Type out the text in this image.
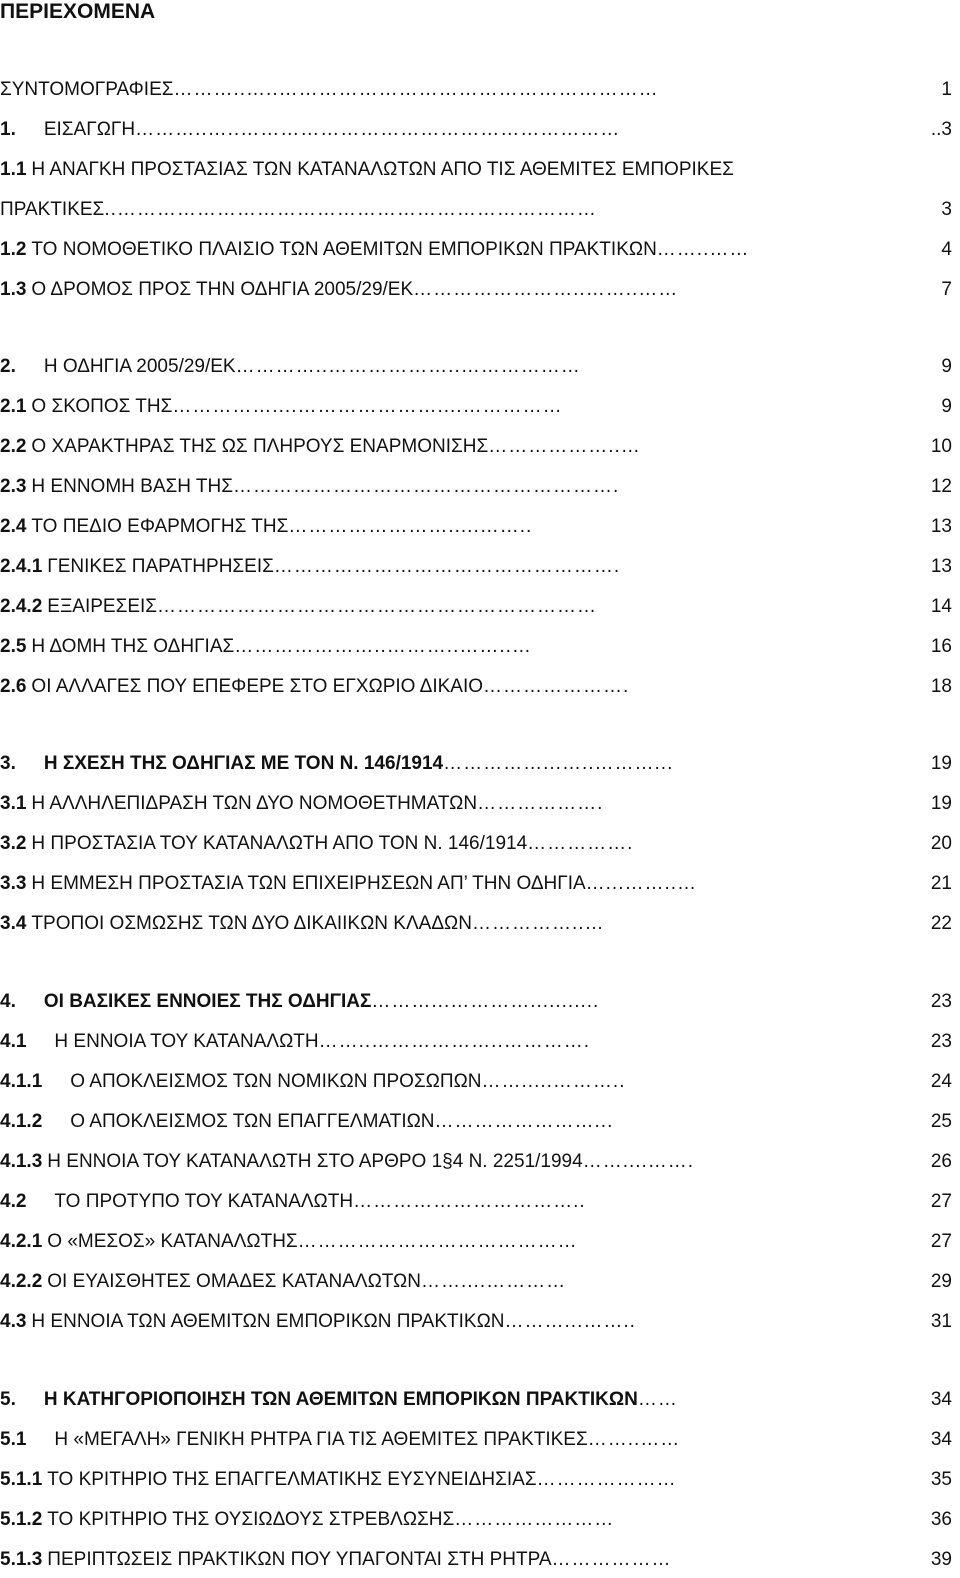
ΠΕΡΙΕΧΟΜΕΝΑ
ΣΥΝΤΟΜΟΓΡΑΦΙΕΣ ………..…..…………………………………………………	1
1. ΕΙΣΑΓΩΓΗ ………..…..…………………………………………………	..3
1.1 Η ΑΝΑΓΚΗ ΠΡΟΣΤΑΣΙΑΣ ΤΩΝ ΚΑΤΑΝΑΛΩΤΩΝ ΑΠΟ ΤΙΣ ΑΘΕΜΙΤΕΣ ΕΜΠΟΡΙΚΕΣ
ΠΡΑΚΤΙΚΕΣ ..………………………………………………………………	3
1.2 ΤΟ ΝΟΜΟΘΕΤΙΚΟ ΠΛΑΙΣΙΟ ΤΩΝ ΑΘΕΜΙΤΩΝ ΕΜΠΟΡΙΚΩΝ ΠΡΑΚΤΙΚΩΝ ……..……	4
1.3 Ο ΔΡΟΜΟΣ ΠΡΟΣ ΤΗΝ ΟΔΗΓΙΑ 2005/29/ΕΚ ……………………..……..……	7
2. Η ΟΔΗΓΙΑ 2005/29/ΕΚ …………..………………..………………	9
2.1 Ο ΣΚΟΠΟΣ ΤΗΣ ……………....…………………....……………	9
2.2 Ο ΧΑΡΑΚΤΗΡΑΣ ΤΗΣ ΩΣ ΠΛΗΡΟΥΣ ΕΝΑΡΜΟΝΙΣΗΣ ………………..…	10
2.3 Η ΕΝΝΟΜΗ ΒΑΣΗ ΤΗΣ ………………………………………………….	12
2.4 ΤΟ ΠΕΔΙΟ ΕΦΑΡΜΟΓΗΣ ΤΗΣ …………………….....……..	13
2.4.1 ΓΕΝΙΚΕΣ ΠΑΡΑΤΗΡΗΣΕΙΣ …………………………………………….	13
2.4.2 ΕΞΑΙΡΕΣΕΙΣ …………………………………………………………	14
2.5 Η ΔΟΜΗ ΤΗΣ ΟΔΗΓΙΑΣ …………………..………..……..…	16
2.6 ΟΙ ΑΛΛΑΓΕΣ ΠΟΥ ΕΠΕΦΕΡΕ ΣΤΟ ΕΓΧΩΡΙΟ ΔΙΚΑΙΟ ………………….	18
3. Η ΣΧΕΣΗ ΤΗΣ ΟΔΗΓΙΑΣ ΜΕ ΤΟΝ Ν. 146/1914 ……………...…..………...	19
3.1 Η ΑΛΛΗΛΕΠΙΔΡΑΣΗ ΤΩΝ ΔΥΟ ΝΟΜΟΘΕΤΗΜΑΤΩΝ ……………….	19
3.2 Η ΠΡΟΣΤΑΣΙΑ ΤΟΥ ΚΑΤΑΝΑΛΩΤΗ ΑΠΟ ΤΟΝ Ν. 146/1914 …………….	20
3.3 Η ΕΜΜΕΣΗ ΠΡΟΣΤΑΣΙΑ ΤΩΝ ΕΠΙΧΕΙΡΗΣΕΩΝ ΑΠ’ ΤΗΝ ΟΔΗΓΙΑ …...……..…	21
3.4 ΤΡΟΠΟΙ ΟΣΜΩΣΗΣ ΤΩΝ ΔΥΟ ΔΙΚΑΙΙΚΩΝ ΚΛΑΔΩΝ ……………..…	22
4. ΟΙ ΒΑΣΙΚΕΣ ΕΝΝΟΙΕΣ ΤΗΣ ΟΔΗΓΙΑΣ ………...…………...........	23
4.1 Η ΕΝΝΟΙΑ ΤΟΥ ΚΑΤΑΝΑΛΩΤΗ ……..………………..………….	23
4.1.1 Ο ΑΠΟΚΛΕΙΣΜΟΣ ΤΩΝ ΝΟΜΙΚΩΝ ΠΡΟΣΩΠΩΝ …….....………..	24
4.1.2 Ο ΑΠΟΚΛΕΙΣΜΟΣ ΤΩΝ ΕΠΑΓΓΕΛΜΑΤΙΩΝ ……………………...	25
4.1.3 Η ΕΝΝΟΙΑ ΤΟΥ ΚΑΤΑΝΑΛΩΤΗ ΣΤΟ ΑΡΘΡΟ 1§4 Ν. 2251/1994 ……....…….	26
4.2 ΤΟ ΠΡΟΤΥΠΟ ΤΟΥ ΚΑΤΑΝΑΛΩΤΗ ……………………………..	27
4.2.1 Ο «ΜΕΣΟΣ» ΚΑΤΑΝΑΛΩΤΗΣ ……………………………………	27
4.2.2 ΟΙ ΕΥΑΙΣΘΗΤΕΣ ΟΜΑΔΕΣ ΚΑΤΑΝΑΛΩΤΩΝ ……....…………	29
4.3 Η ΕΝΝΟΙΑ ΤΩΝ ΑΘΕΜΙΤΩΝ ΕΜΠΟΡΙΚΩΝ ΠΡΑΚΤΙΚΩΝ ………...……..	31
5. Η ΚΑΤΗΓΟΡΙΟΠΟΙΗΣΗ ΤΩΝ ΑΘΕΜΙΤΩΝ ΕΜΠΟΡΙΚΩΝ ΠΡΑΚΤΙΚΩΝ ……	34
5.1 Η «ΜΕΓΑΛΗ» ΓΕΝΙΚΗ ΡΗΤΡΑ ΓΙΑ ΤΙΣ ΑΘΕΜΙΤΕΣ ΠΡΑΚΤΙΚΕΣ ……..……	34
5.1.1 ΤΟ ΚΡΙΤΗΡΙΟ ΤΗΣ ΕΠΑΓΓΕΛΜΑΤΙΚΗΣ ΕΥΣΥΝΕΙΔΗΣΙΑΣ …………………	35
5.1.2 ΤΟ ΚΡΙΤΗΡΙΟ ΤΗΣ ΟΥΣΙΩΔΟΥΣ ΣΤΡΕΒΛΩΣΗΣ ……………………	36
5.1.3 ΠΕΡΙΠΤΩΣΕΙΣ ΠΡΑΚΤΙΚΩΝ ΠΟΥ ΥΠΑΓΟΝΤΑΙ ΣΤΗ ΡΗΤΡΑ ………………	39
